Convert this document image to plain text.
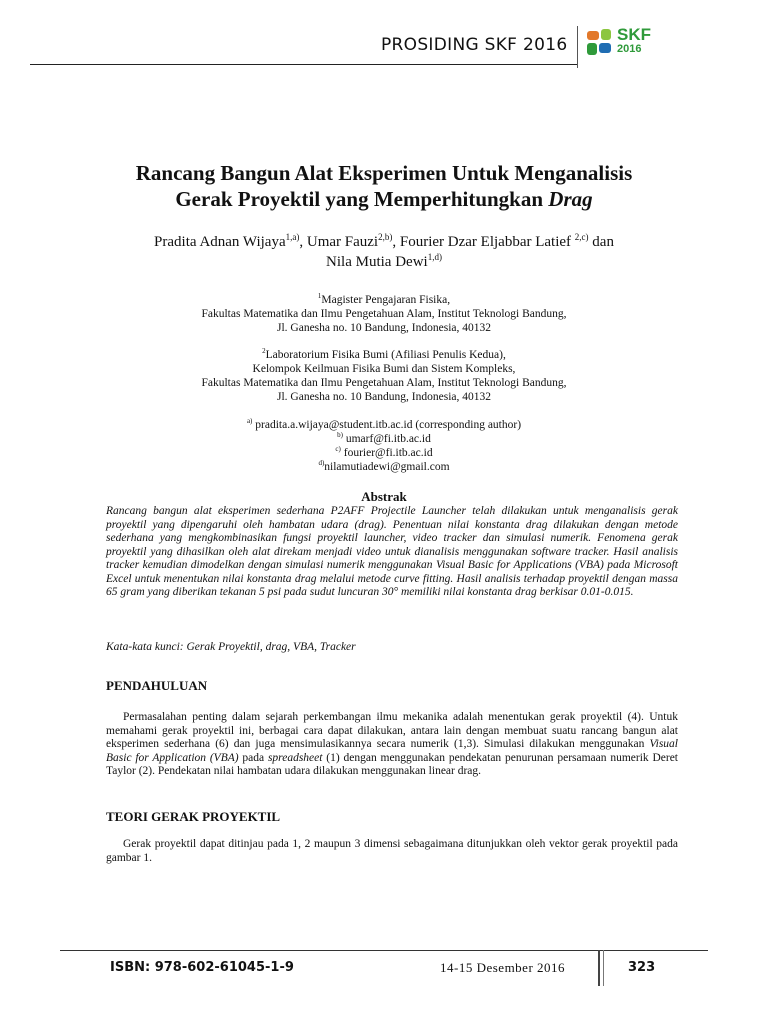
PROSIDING SKF 2016
SKF
2016
Rancang Bangun Alat Eksperimen Untuk Menganalisis
Gerak Proyektil yang Memperhitungkan Drag
Pradita Adnan Wijaya$^{1,a)}$, Umar Fauzi$^{2,b)}$, Fourier Dzar Eljabbar Latief $^{2,c)}$ dan
Nila Mutia Dewi$^{1,d)}$
$^1$Magister Pengajaran Fisika,
Fakultas Matematika dan Ilmu Pengetahuan Alam, Institut Teknologi Bandung,
Jl. Ganesha no. 10 Bandung, Indonesia, 40132
$^2$Laboratorium Fisika Bumi (Afiliasi Penulis Kedua),
Kelompok Keilmuan Fisika Bumi dan Sistem Kompleks,
Fakultas Matematika dan Ilmu Pengetahuan Alam, Institut Teknologi Bandung,
Jl. Ganesha no. 10 Bandung, Indonesia, 40132
$^{a)}$ pradita.a.wijaya@student.itb.ac.id (corresponding author)
$^{b)}$ umarf@fi.itb.ac.id
$^{c)}$ fourier@fi.itb.ac.id
$^{d)}$nilamutiadewi@gmail.com
Abstrak
Rancang bangun alat eksperimen sederhana P2AFF Projectile Launcher telah dilakukan untuk menganalisis gerak proyektil yang dipengaruhi oleh hambatan udara (drag). Penentuan nilai konstanta drag dilakukan dengan metode sederhana yang mengkombinasikan fungsi proyektil launcher, video tracker dan simulasi numerik. Fenomena gerak proyektil yang dihasilkan oleh alat direkam menjadi video untuk dianalisis menggunakan software tracker. Hasil analisis tracker kemudian dimodelkan dengan simulasi numerik menggunakan Visual Basic for Applications (VBA) pada Microsoft Excel untuk menentukan nilai konstanta drag melalui metode curve fitting. Hasil analisis terhadap proyektil dengan massa 65 gram yang diberikan tekanan 5 psi pada sudut luncuran 30° memiliki nilai konstanta drag berkisar 0.01-0.015.
Kata-kata kunci: Gerak Proyektil, drag, VBA, Tracker
PENDAHULUAN
Permasalahan penting dalam sejarah perkembangan ilmu mekanika adalah menentukan gerak proyektil (4). Untuk memahami gerak proyektil ini, berbagai cara dapat dilakukan, antara lain dengan membuat suatu rancang bangun alat eksperimen sederhana (6) dan juga mensimulasikannya secara numerik (1,3). Simulasi dilakukan menggunakan Visual Basic for Application (VBA) pada spreadsheet (1) dengan menggunakan pendekatan penurunan persamaan numerik Deret Taylor (2). Pendekatan nilai hambatan udara dilakukan menggunakan linear drag.
TEORI GERAK PROYEKTIL
Gerak proyektil dapat ditinjau pada 1, 2 maupun 3 dimensi sebagaimana ditunjukkan oleh vektor gerak proyektil pada gambar 1.
ISBN: 978-602-61045-1-9	14-15 Desember 2016	323
